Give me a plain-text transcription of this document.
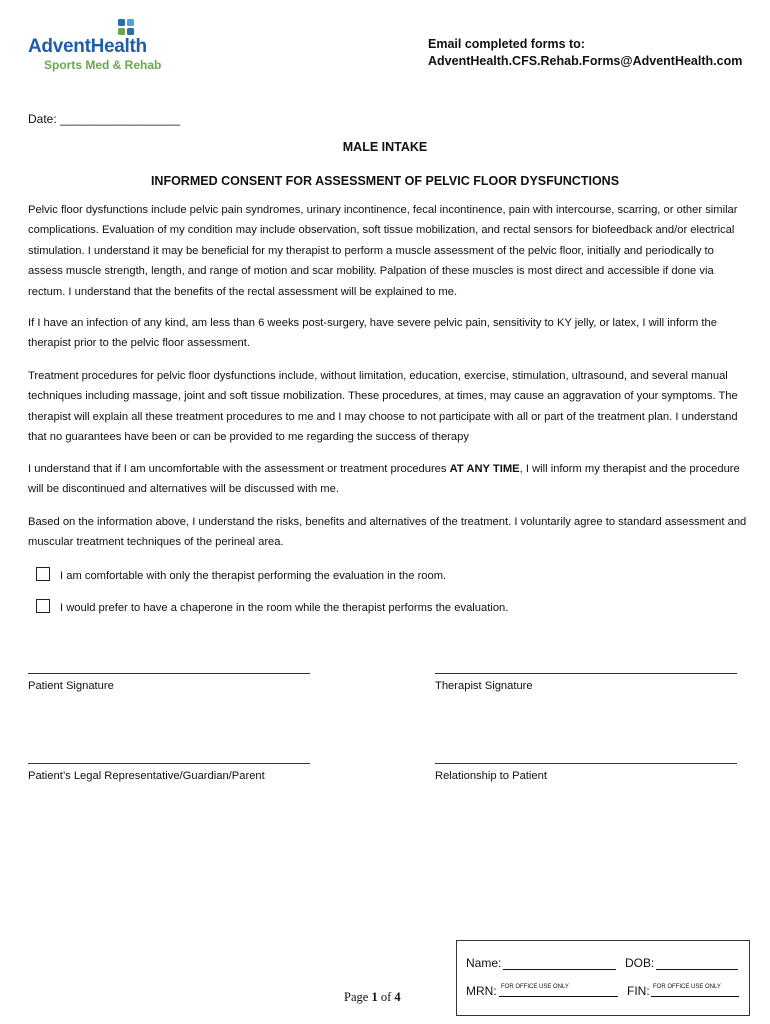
AdventHealth
Sports Med & Rehab
Email completed forms to:
AdventHealth.CFS.Rehab.Forms@AdventHealth.com
Date: __________________
MALE INTAKE
INFORMED CONSENT FOR ASSESSMENT OF PELVIC FLOOR DYSFUNCTIONS

Pelvic floor dysfunctions include pelvic pain syndromes, urinary incontinence, fecal incontinence, pain with intercourse, scarring, or other similar complications. Evaluation of my condition may include observation, soft tissue mobilization, and rectal sensors for biofeedback and/or electrical stimulation. I understand it may be beneficial for my therapist to perform a muscle assessment of the pelvic floor, initially and periodically to assess muscle strength, length, and range of motion and scar mobility. Palpation of these muscles is most direct and accessible if done via rectum. I understand that the benefits of the rectal assessment will be explained to me.

If I have an infection of any kind, am less than 6 weeks post-surgery, have severe pelvic pain, sensitivity to KY jelly, or latex, I will inform the therapist prior to the pelvic floor assessment.

Treatment procedures for pelvic floor dysfunctions include, without limitation, education, exercise, stimulation, ultrasound, and several manual techniques including massage, joint and soft tissue mobilization. These procedures, at times, may cause an aggravation of your symptoms. The therapist will explain all these treatment procedures to me and I may choose to not participate with all or part of the treatment plan. I understand that no guarantees have been or can be provided to me regarding the success of therapy

I understand that if I am uncomfortable with the assessment or treatment procedures AT ANY TIME, I will inform my therapist and the procedure will be discontinued and alternatives will be discussed with me.

Based on the information above, I understand the risks, benefits and alternatives of the treatment. I voluntarily agree to standard assessment and muscular treatment techniques of the perineal area.

I am comfortable with only the therapist performing the evaluation in the room.
I would prefer to have a chaperone in the room while the therapist performs the evaluation.
Patient Signature	Therapist Signature
Patient’s Legal Representative/Guardian/Parent	Relationship to Patient
Name:	DOB:
MRN: FOR OFFICE USE ONLY	FIN: FOR OFFICE USE ONLY
Page 1 of 4
